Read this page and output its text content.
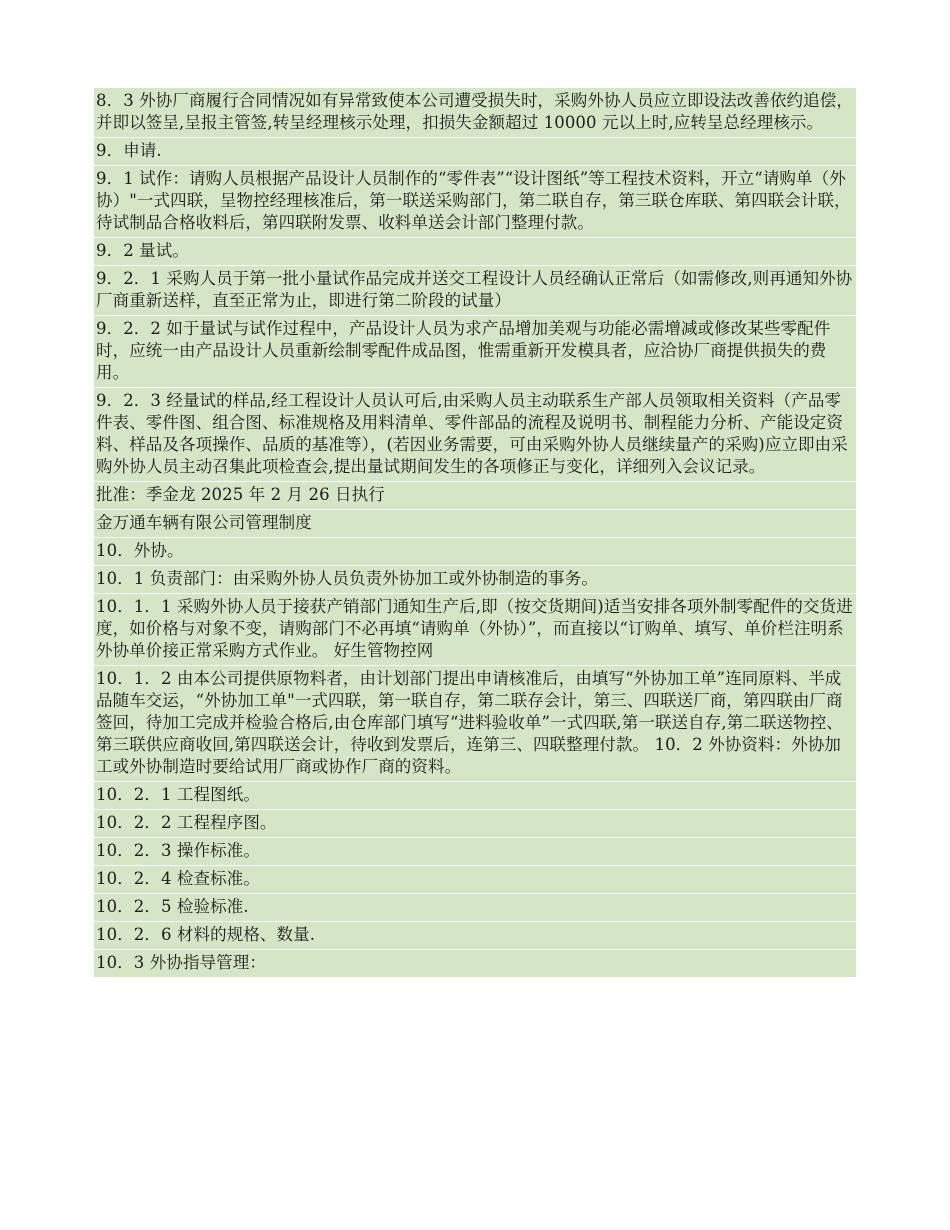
8．3 外协厂商履行合同情况如有异常致使本公司遭受损失时，采购外协人员应立即设法改善依约追偿，并即以签呈,呈报主管签,转呈经理核示处理，扣损失金额超过 10000 元以上时,应转呈总经理核示。
9．申请.
9．1 试作：请购人员根据产品设计人员制作的“零件表”“设计图纸”等工程技术资料，开立“请购单（外协）"一式四联，呈物控经理核准后，第一联送采购部门，第二联自存，第三联仓库联、第四联会计联，待试制品合格收料后，第四联附发票、收料单送会计部门整理付款。
9．2 量试。
9．2．1 采购人员于第一批小量试作品完成并送交工程设计人员经确认正常后（如需修改,则再通知外协厂商重新送样，直至正常为止，即进行第二阶段的试量）
9．2．2 如于量试与试作过程中，产品设计人员为求产品增加美观与功能必需增减或修改某些零配件时，应统一由产品设计人员重新绘制零配件成品图，惟需重新开发模具者，应洽协厂商提供损失的费用。
9．2．3 经量试的样品,经工程设计人员认可后,由采购人员主动联系生产部人员领取相关资料（产品零件表、零件图、组合图、标准规格及用料清单、零件部品的流程及说明书、制程能力分析、产能设定资料、样品及各项操作、品质的基准等），(若因业务需要，可由采购外协人员继续量产的采购)应立即由采购外协人员主动召集此项检查会,提出量试期间发生的各项修正与变化，详细列入会议记录。
批准：季金龙 2025 年 2 月 26 日执行
金万通车辆有限公司管理制度
10．外协。
10．1 负责部门：由采购外协人员负责外协加工或外协制造的事务。
10．1．1 采购外协人员于接获产销部门通知生产后,即（按交货期间)适当安排各项外制零配件的交货进度，如价格与对象不变，请购部门不必再填“请购单（外协）”，而直接以“订购单、填写、单价栏注明系外协单价接正常采购方式作业。 好生管物控网
10．1．2 由本公司提供原物料者，由计划部门提出申请核准后，由填写“外协加工单”连同原料、半成品随车交运，“外协加工单"一式四联，第一联自存，第二联存会计，第三、四联送厂商，第四联由厂商签回，待加工完成并检验合格后,由仓库部门填写“进料验收单”一式四联,第一联送自存,第二联送物控、第三联供应商收回,第四联送会计，待收到发票后，连第三、四联整理付款。 10．2 外协资料：外协加工或外协制造时要给试用厂商或协作厂商的资料。
10．2．1 工程图纸。
10．2．2 工程程序图。
10．2．3 操作标准。
10．2．4 检查标准。
10．2．5 检验标准.
10．2．6 材料的规格、数量.
10．3 外协指导管理：
